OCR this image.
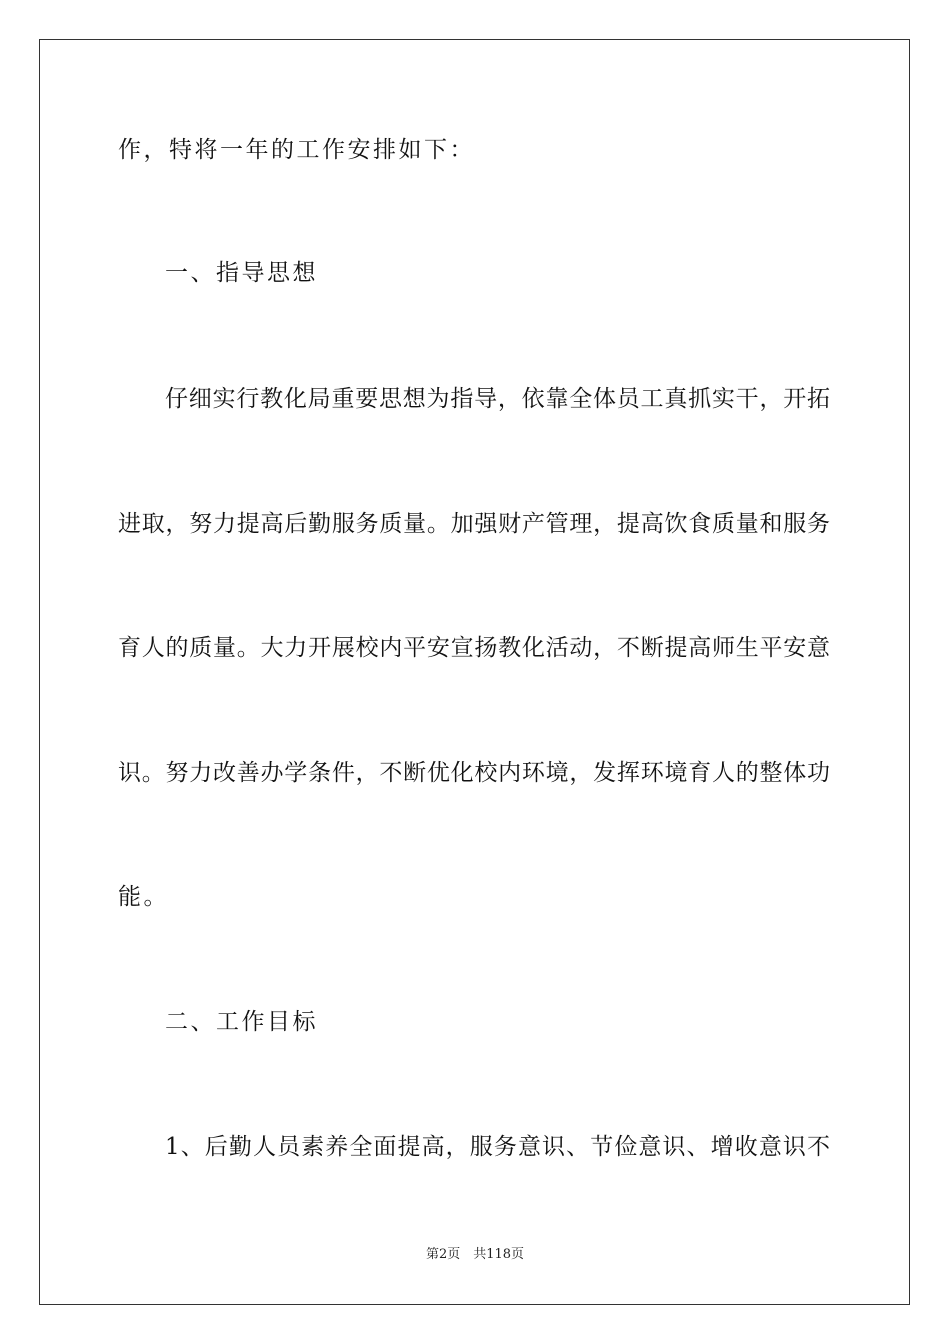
作，特将一年的工作安排如下：
一、指导思想
仔细实行教化局重要思想为指导，依靠全体员工真抓实干，开拓
进取，努力提高后勤服务质量。加强财产管理，提高饮食质量和服务
育人的质量。大力开展校内平安宣扬教化活动，不断提高师生平安意
识。努力改善办学条件，不断优化校内环境，发挥环境育人的整体功
能。
二、工作目标
1、后勤人员素养全面提高，服务意识、节俭意识、增收意识不
第2页　共118页
